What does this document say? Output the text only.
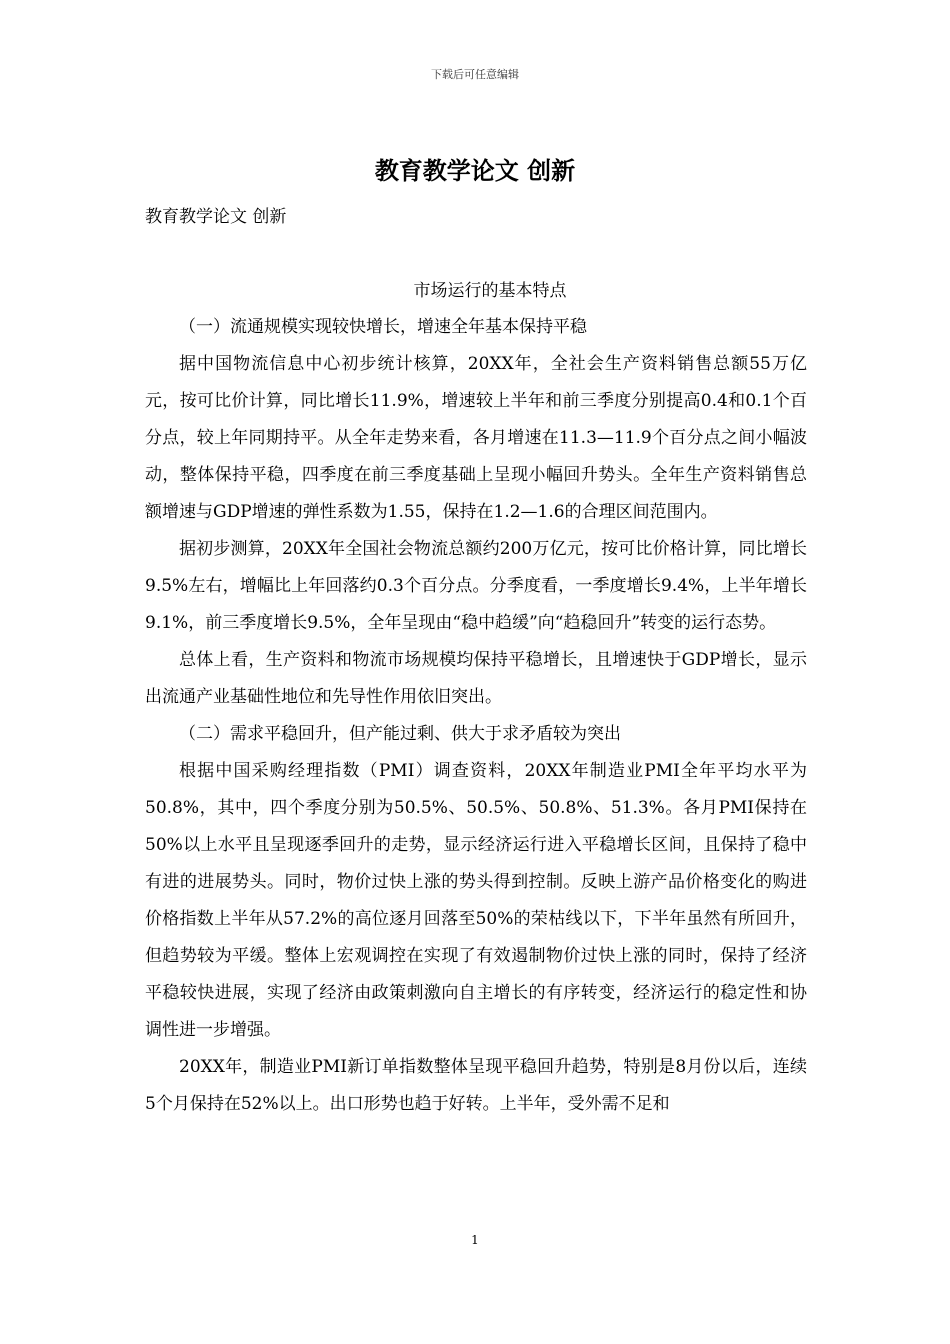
下载后可任意编辑
教育教学论文 创新
教育教学论文 创新
市场运行的基本特点

（一）流通规模实现较快增长，增速全年基本保持平稳

据中国物流信息中心初步统计核算，20XX年，全社会生产资料销售总额55万亿元，按可比价计算，同比增长11.9%，增速较上半年和前三季度分别提高0.4和0.1个百分点，较上年同期持平。从全年走势来看，各月增速在11.3—11.9个百分点之间小幅波动，整体保持平稳，四季度在前三季度基础上呈现小幅回升势头。全年生产资料销售总额增速与GDP增速的弹性系数为1.55，保持在1.2—1.6的合理区间范围内。

据初步测算，20XX年全国社会物流总额约200万亿元，按可比价格计算，同比增长9.5%左右，增幅比上年回落约0.3个百分点。分季度看，一季度增长9.4%，上半年增长9.1%，前三季度增长9.5%，全年呈现由“稳中趋缓”向“趋稳回升”转变的运行态势。

总体上看，生产资料和物流市场规模均保持平稳增长，且增速快于GDP增长，显示出流通产业基础性地位和先导性作用依旧突出。

（二）需求平稳回升，但产能过剩、供大于求矛盾较为突出

根据中国采购经理指数（PMI）调查资料，20XX年制造业PMI全年平均水平为50.8%，其中，四个季度分别为50.5%、50.5%、50.8%、51.3%。各月PMI保持在50%以上水平且呈现逐季回升的走势，显示经济运行进入平稳增长区间，且保持了稳中有进的进展势头。同时，物价过快上涨的势头得到控制。反映上游产品价格变化的购进价格指数上半年从57.2%的高位逐月回落至50%的荣枯线以下，下半年虽然有所回升，但趋势较为平缓。整体上宏观调控在实现了有效遏制物价过快上涨的同时，保持了经济平稳较快进展，实现了经济由政策刺激向自主增长的有序转变，经济运行的稳定性和协调性进一步增强。

20XX年，制造业PMI新订单指数整体呈现平稳回升趋势，特别是8月份以后，连续5个月保持在52%以上。出口形势也趋于好转。上半年，受外需不足和

1
